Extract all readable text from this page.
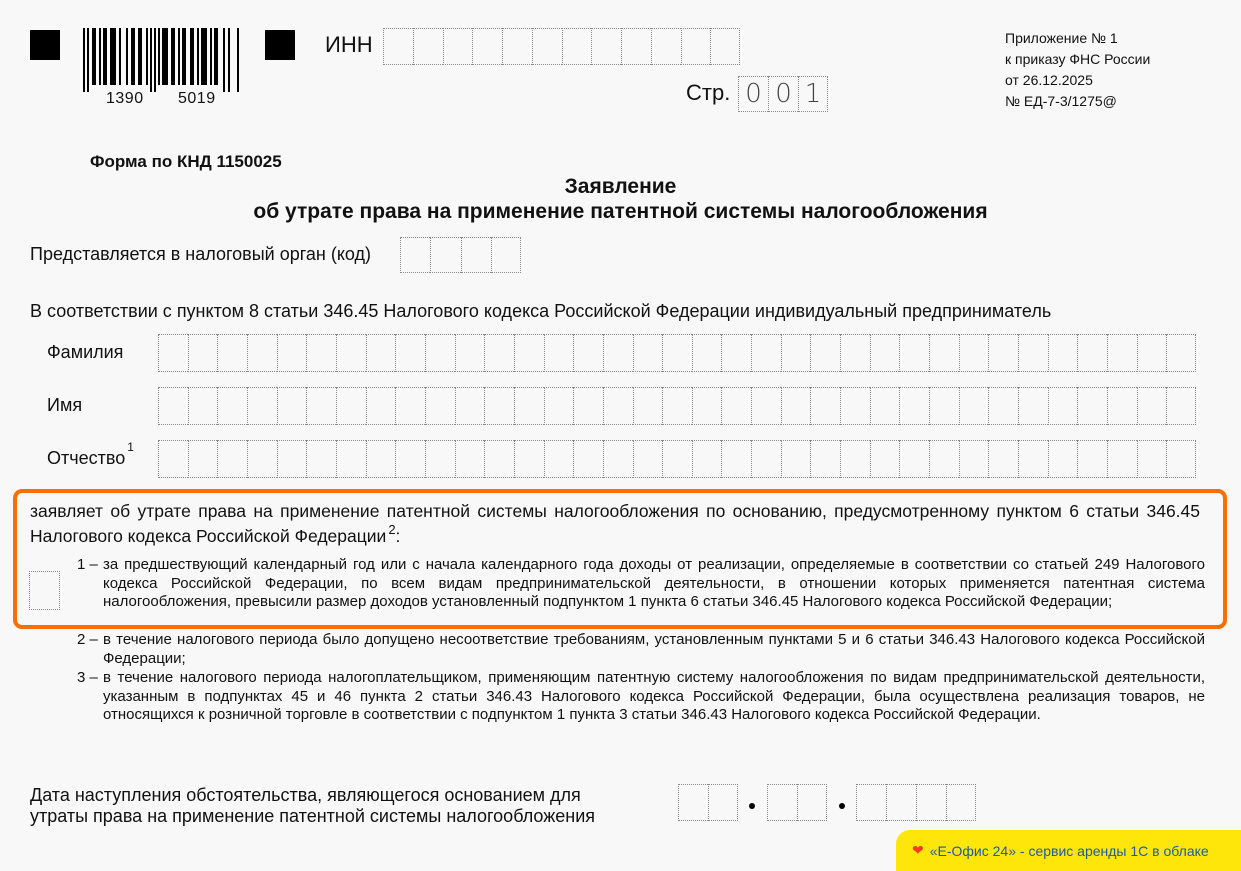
1390 5019
ИНН
Стр. 0 0 1
Приложение № 1
к приказу ФНС России
от 26.12.2025
№ ЕД-7-3/1275@
Форма по КНД 1150025
Заявление
об утрате права на применение патентной системы налогообложения
Представляется в налоговый орган (код)
В соответствии с пунктом 8 статьи 346.45 Налогового кодекса Российской Федерации индивидуальный предприниматель
Фамилия
Имя
Отчество$^1$
заявляет об утрате права на применение патентной системы налогообложения по основанию, предусмотренному пунктом 6 статьи 346.45 Налогового кодекса Российской Федерации $^2$:
1 – за предшествующий календарный год или с начала календарного года доходы от реализации, определяемые в соответствии со статьей 249 Налогового кодекса Российской Федерации, по всем видам предпринимательской деятельности, в отношении которых применяется патентная система налогообложения, превысили размер доходов установленный подпунктом 1 пункта 6 статьи 346.45 Налогового кодекса Российской Федерации;
2 – в течение налогового периода было допущено несоответствие требованиям, установленным пунктами 5 и 6 статьи 346.43 Налогового кодекса Российской Федерации;
3 – в течение налогового периода налогоплательщиком, применяющим патентную систему налогообложения по видам предпринимательской деятельности, указанным в подпунктах 45 и 46 пункта 2 статьи 346.43 Налогового кодекса Российской Федерации, была осуществлена реализация товаров, не относящихся к розничной торговле в соответствии с подпунктом 1 пункта 3 статьи 346.43 Налогового кодекса Российской Федерации.
Дата наступления обстоятельства, являющегося основанием для
утраты права на применение патентной системы налогообложения
❤ «Е-Офис 24» - сервис аренды 1С в облаке
